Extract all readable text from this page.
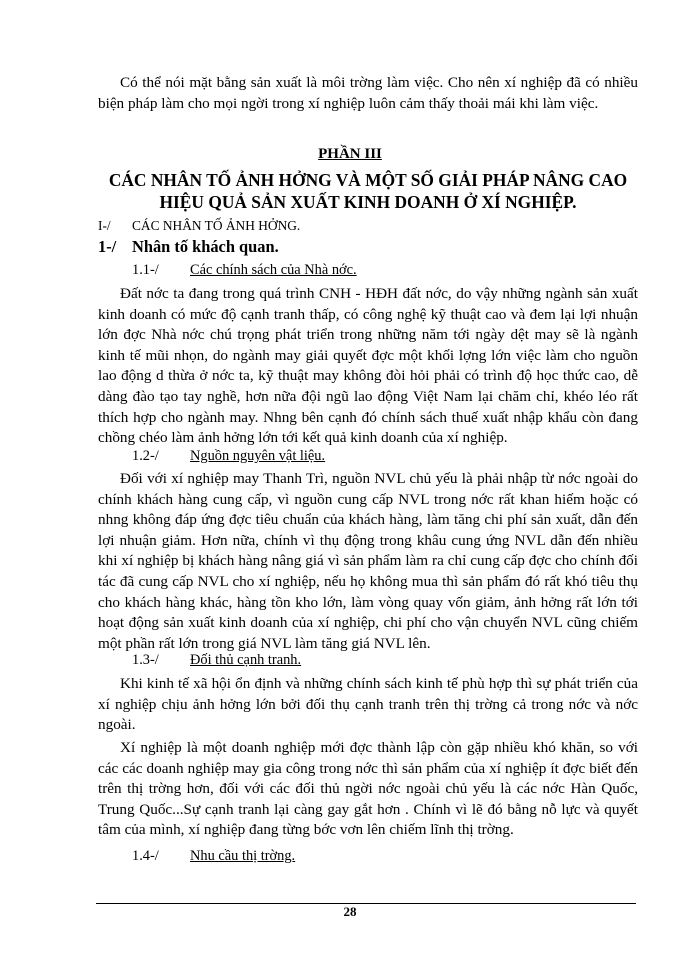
Có thể nói mặt bằng sản xuất là môi trờng làm việc. Cho nên xí nghiệp đã có nhiều biện pháp làm cho mọi ngời trong xí nghiệp luôn cảm thấy thoải mái khi làm việc.

PHẦN III
CÁC NHÂN TỐ ẢNH HỞNG VÀ MỘT SỐ GIẢI PHÁP NÂNG CAO HIỆU QUẢ SẢN XUẤT KINH DOANH Ở XÍ NGHIỆP.
I-/ CÁC NHÂN TỐ ẢNH HỞNG.
1-/ Nhân tố khách quan.
1.1-/ Các chính sách của Nhà nớc.

Đất nớc ta đang trong quá trình CNH - HĐH đất nớc, do vậy những ngành sản xuất kinh doanh có mức độ cạnh tranh thấp, có công nghệ kỹ thuật cao và đem lại lợi nhuận lớn đợc Nhà nớc chú trọng phát triển trong những năm tới ngày dệt may sẽ là ngành kinh tế mũi nhọn, do ngành may giải quyết đợc một khối lợng lớn việc làm cho nguồn lao động d thừa ở nớc ta, kỹ thuật may không đòi hỏi phải có trình độ học thức cao, dễ dàng đào tạo tay nghề, hơn nữa đội ngũ lao động Việt Nam lại chăm chỉ, khéo léo rất thích hợp cho ngành may. Nhng bên cạnh đó chính sách thuế xuất nhập khẩu còn đang chồng chéo làm ảnh hởng lớn tới kết quả kinh doanh của xí nghiệp.

1.2-/ Nguồn nguyên vật liệu.

Đối với xí nghiệp may Thanh Trì, nguồn NVL chủ yếu là phải nhập từ nớc ngoài do chính khách hàng cung cấp, vì nguồn cung cấp NVL trong nớc rất khan hiếm hoặc có nhng không đáp ứng đợc tiêu chuẩn của khách hàng, làm tăng chi phí sản xuất, dẫn đến lợi nhuận giảm. Hơn nữa, chính vì thụ động trong khâu cung ứng NVL dẫn đến nhiều khi xí nghiệp bị khách hàng nâng giá vì sản phẩm làm ra chỉ cung cấp đợc cho chính đối tác đã cung cấp NVL cho xí nghiệp, nếu họ không mua thì sản phẩm đó rất khó tiêu thụ cho khách hàng khác, hàng tồn kho lớn, làm vòng quay vốn giảm, ảnh hởng rất lớn tới hoạt động sản xuất kinh doanh của xí nghiệp, chi phí cho vận chuyển NVL cũng chiếm một phần rất lớn trong giá NVL làm tăng giá NVL lên.

1.3-/ Đối thủ cạnh tranh.

Khi kinh tế xã hội ổn định và những chính sách kinh tế phù hợp thì sự phát triển của xí nghiệp chịu ảnh hởng lớn bởi đối thụ cạnh tranh trên thị trờng cả trong nớc và nớc ngoài.

Xí nghiệp là một doanh nghiệp mới đợc thành lập còn gặp nhiều khó khăn, so với các các doanh nghiệp may gia công trong nớc thì sản phẩm của xí nghiệp ít đợc biết đến trên thị trờng hơn, đối với các đối thủ ngời nớc ngoài chủ yếu là các nớc Hàn Quốc, Trung Quốc...Sự cạnh tranh lại càng gay gắt hơn . Chính vì lẽ đó bằng nỗ lực và quyết tâm của mình, xí nghiệp đang từng bớc vơn lên chiếm lĩnh thị trờng.

1.4-/ Nhu cầu thị trờng.
28
